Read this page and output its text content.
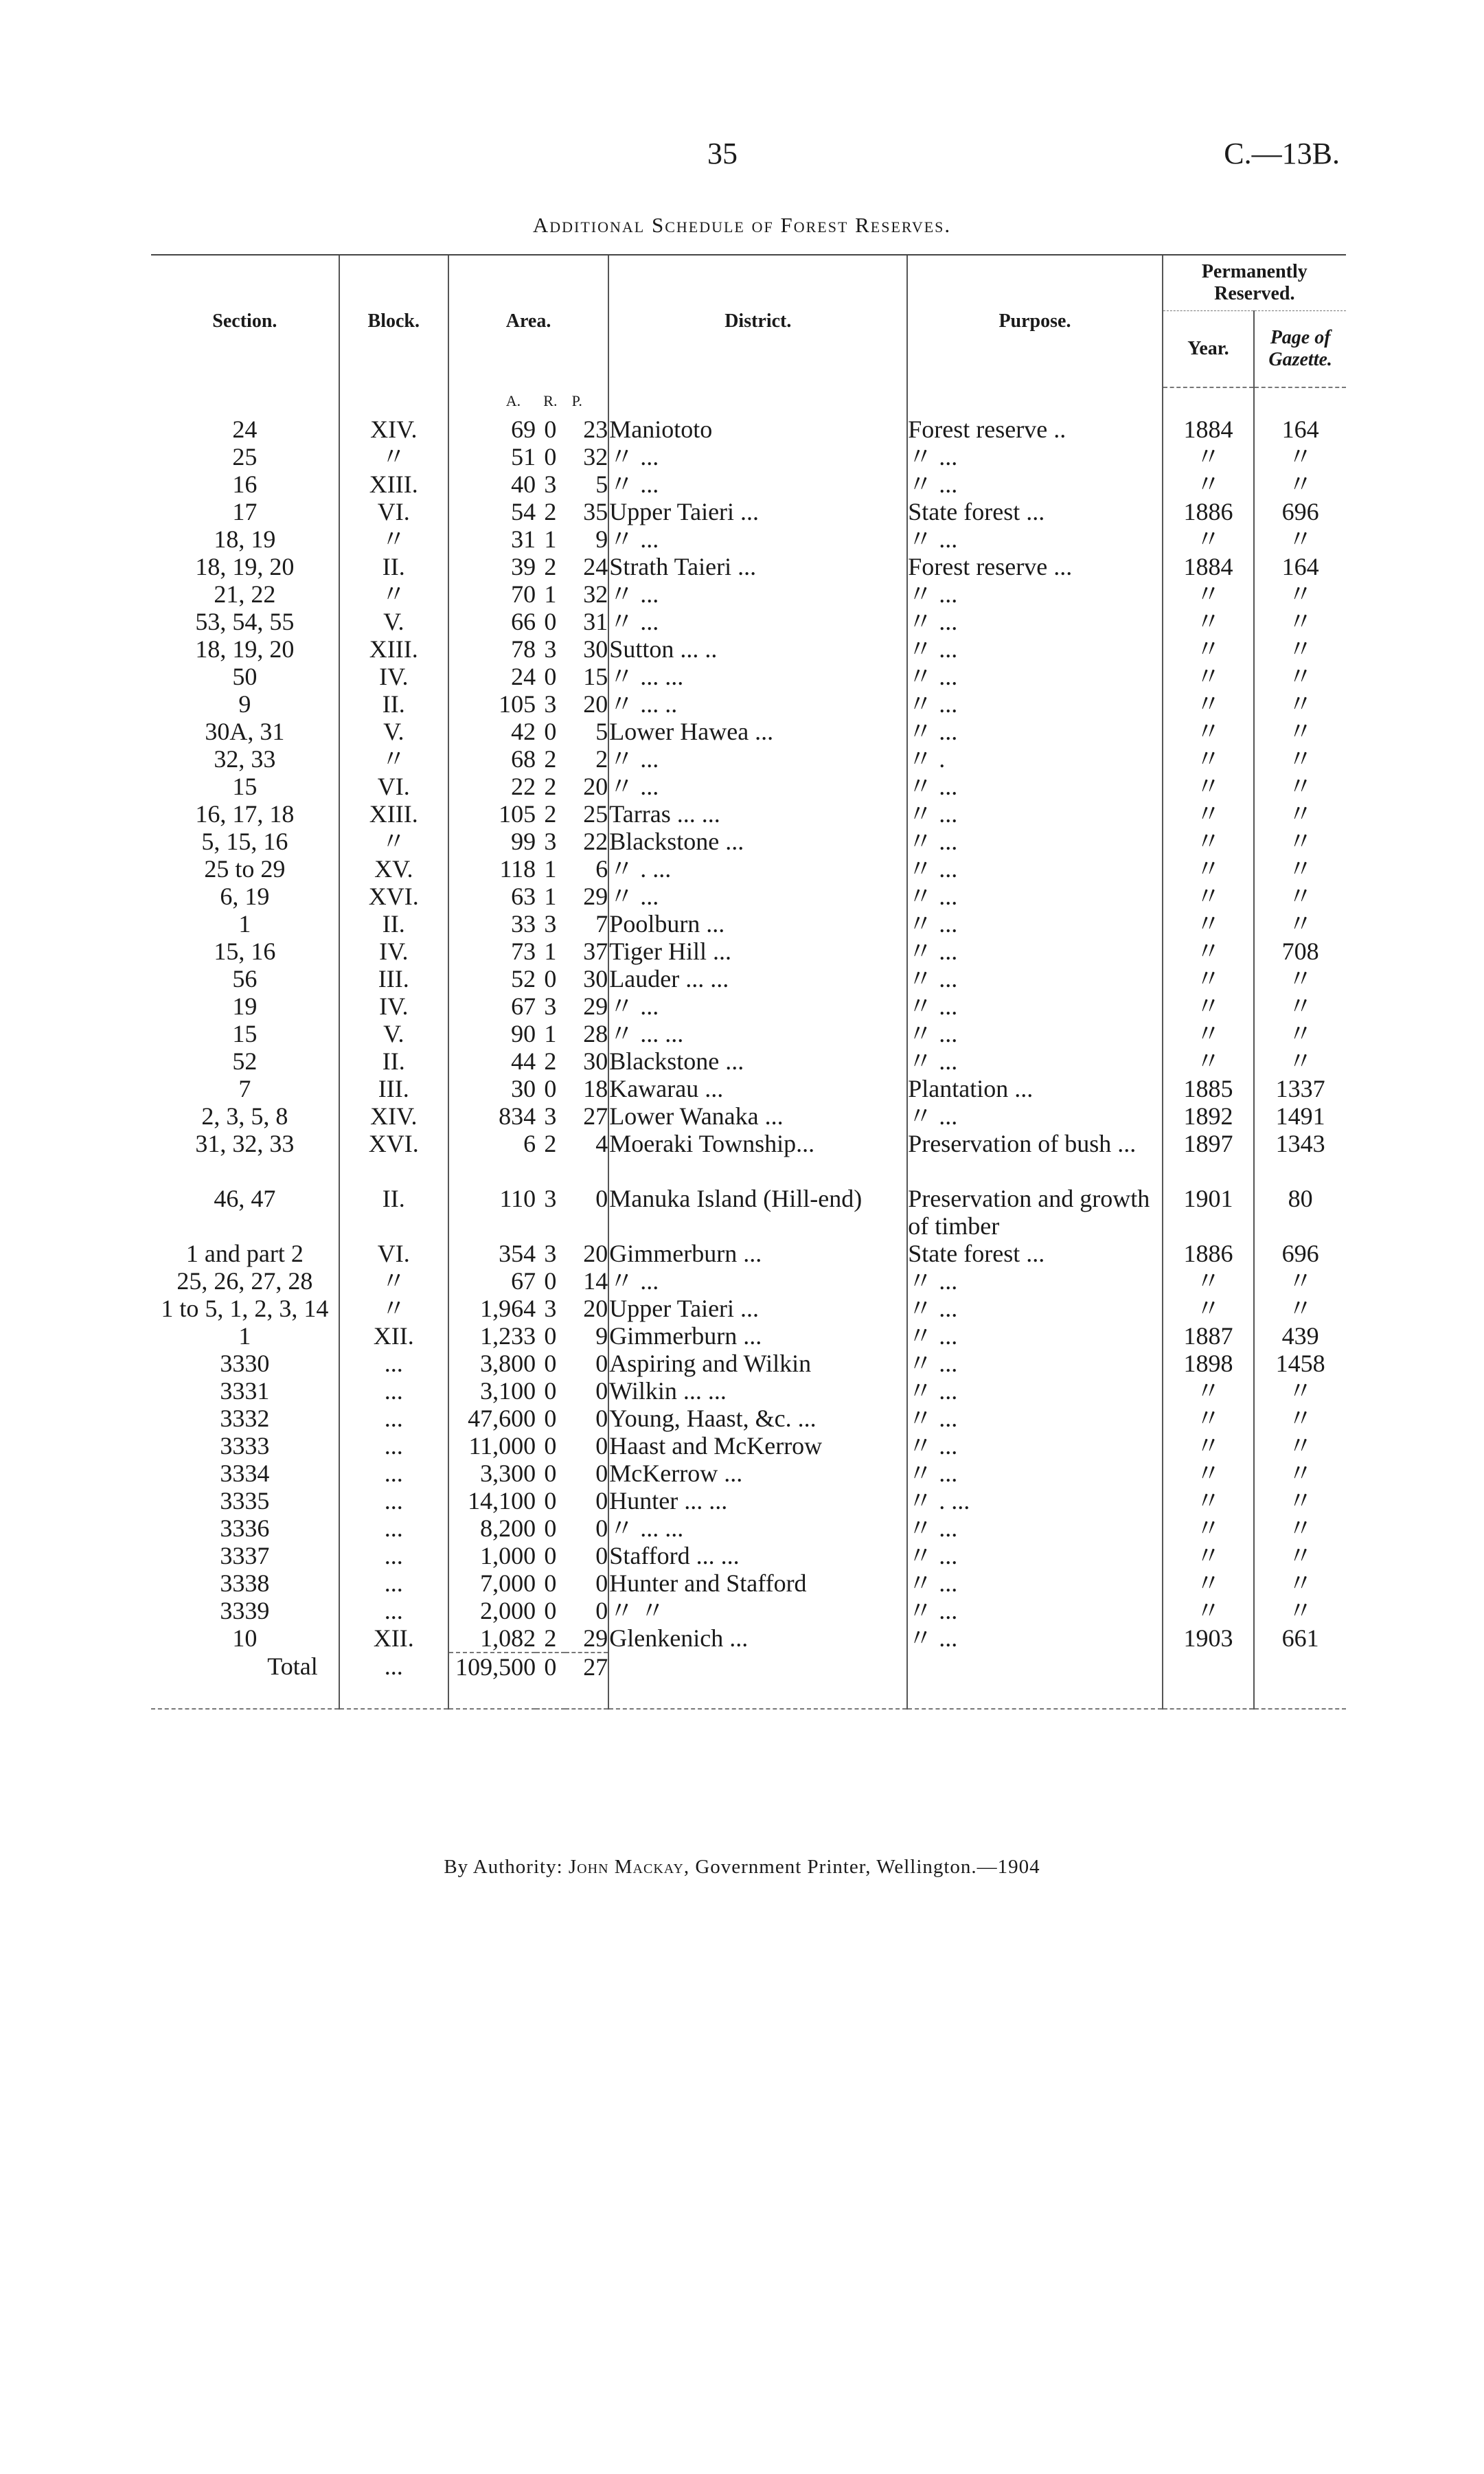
35	C.—13B.
Additional Schedule of Forest Reserves.
Section.	Block.	Area.			District.	Purpose.	Permanently Reserved.	
							Year.	Page of Gazette.
		A.	R.	P.				
24	XIV.	69	0	23	Maniototo	Forest reserve ..	1884	164
25	〃	51	0	32	〃 ...	〃 ...	〃	〃
16	XIII.	40	3	5	〃 ...	〃 ...	〃	〃
17	VI.	54	2	35	Upper Taieri ...	State forest ...	1886	696
18, 19	〃	31	1	9	〃 ...	〃 ...	〃	〃
18, 19, 20	II.	39	2	24	Strath Taieri ...	Forest reserve ...	1884	164
21, 22	〃	70	1	32	〃 ...	〃 ...	〃	〃
53, 54, 55	V.	66	0	31	〃 ...	〃 ...	〃	〃
18, 19, 20	XIII.	78	3	30	Sutton ... ..	〃 ...	〃	〃
50	IV.	24	0	15	〃 ... ...	〃 ...	〃	〃
9	II.	105	3	20	〃 ... ..	〃 ...	〃	〃
30A, 31	V.	42	0	5	Lower Hawea ...	〃 ...	〃	〃
32, 33	〃	68	2	2	〃 ...	〃 .	〃	〃
15	VI.	22	2	20	〃 ...	〃 ...	〃	〃
16, 17, 18	XIII.	105	2	25	Tarras ... ...	〃 ...	〃	〃
5, 15, 16	〃	99	3	22	Blackstone ...	〃 ...	〃	〃
25 to 29	XV.	118	1	6	〃 . ...	〃 ...	〃	〃
6, 19	XVI.	63	1	29	〃 ...	〃 ...	〃	〃
1	II.	33	3	7	Poolburn ...	〃 ...	〃	〃
15, 16	IV.	73	1	37	Tiger Hill ...	〃 ...	〃	708
56	III.	52	0	30	Lauder ... ...	〃 ...	〃	〃
19	IV.	67	3	29	〃 ...	〃 ...	〃	〃
15	V.	90	1	28	〃 ... ...	〃 ...	〃	〃
52	II.	44	2	30	Blackstone ...	〃 ...	〃	〃
7	III.	30	0	18	Kawarau ...	Plantation ...	1885	1337
2, 3, 5, 8	XIV.	834	3	27	Lower Wanaka ...	〃 ...	1892	1491
31, 32, 33	XVI.	6	2	4	Moeraki Township...	Preservation of bush ...	1897	1343
46, 47	II.	110	3	0	Manuka Island (Hill-end)	Preservation and growth of timber	1901	80
1 and part 2	VI.	354	3	20	Gimmerburn ...	State forest ...	1886	696
25, 26, 27, 28	〃	67	0	14	〃 ...	〃 ...	〃	〃
1 to 5, 1, 2, 3, 14	〃	1,964	3	20	Upper Taieri ...	〃 ...	〃	〃
1	XII.	1,233	0	9	Gimmerburn ...	〃 ...	1887	439
3330	...	3,800	0	0	Aspiring and Wilkin	〃 ...	1898	1458
3331	...	3,100	0	0	Wilkin ... ...	〃 ...	〃	〃
3332	...	47,600	0	0	Young, Haast, &c. ...	〃 ...	〃	〃
3333	...	11,000	0	0	Haast and McKerrow	〃 ...	〃	〃
3334	...	3,300	0	0	McKerrow ...	〃 ...	〃	〃
3335	...	14,100	0	0	Hunter ... ...	〃 . ...	〃	〃
3336	...	8,200	0	0	〃 ... ...	〃 ...	〃	〃
3337	...	1,000	0	0	Stafford ... ...	〃 ...	〃	〃
3338	...	7,000	0	0	Hunter and Stafford	〃 ...	〃	〃
3339	...	2,000	0	0	〃 〃	〃 ...	〃	〃
10	XII.	1,082	2	29	Glenkenich ...	〃 ...	1903	661
Total	...	109,500	0	27				

By Authority: John Mackay, Government Printer, Wellington.—1904
